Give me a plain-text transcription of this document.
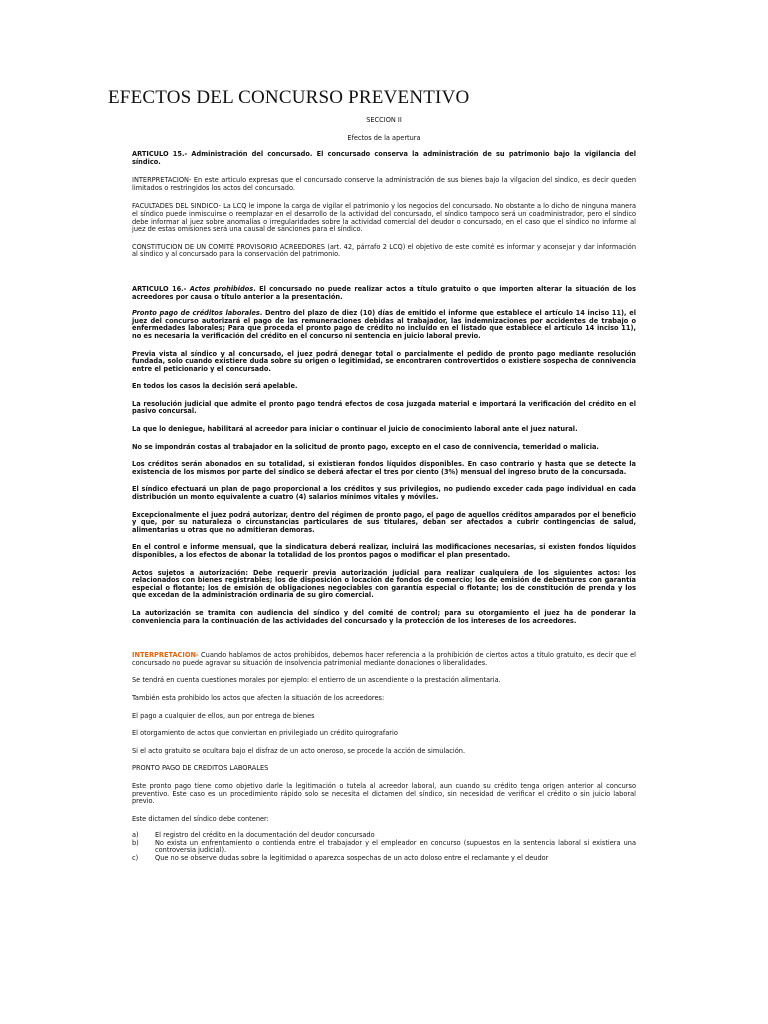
EFECTOS DEL CONCURSO PREVENTIVO

SECCION II

Efectos de la apertura

ARTICULO 15.- Administración del concursado. El concursado conserva la administración de su patrimonio bajo la vigilancia del síndico.

INTERPRETACION- En este articulo expresas que el concursado conserve la administración de sus bienes bajo la vilgacion del sindico, es decir queden limitados o restringidos los actos del concursado.

FACULTADES DEL SINDICO- La LCQ le impone la carga de vigilar el patrimonio y los negocios del concursado. No obstante a lo dicho de ninguna manera el síndico puede inmiscuirse o reemplazar en el desarrollo de la actividad del concursado, el síndico tampoco será un coadministrador, pero el síndico debe informar al juez sobre anomalías o irregularidades sobre la actividad comercial del deudor o concursado, en el caso que el síndico no informe al juez de estas omisiones será una causal de sanciones para el síndico.

CONSTITUCION DE UN COMITÉ PROVISORIO ACREEDORES (art. 42, párrafo 2 LCQ) el objetivo de este comité es informar y aconsejar y dar información al síndico y al concursado para la conservación del patrimonio.

ARTICULO 16.- Actos prohibidos. El concursado no puede realizar actos a título gratuito o que importen alterar la situación de los acreedores por causa o título anterior a la presentación.

Pronto pago de créditos laborales. Dentro del plazo de diez (10) días de emitido el informe que establece el artículo 14 inciso 11), el juez del concurso autorizará el pago de las remuneraciones debidas al trabajador, las indemnizaciones por accidentes de trabajo o enfermedades laborales; Para que proceda el pronto pago de crédito no incluido en el listado que establece el artículo 14 inciso 11), no es necesaria la verificación del crédito en el concurso ni sentencia en juicio laboral previo.

Previa vista al síndico y al concursado, el juez podrá denegar total o parcialmente el pedido de pronto pago mediante resolución fundada, solo cuando existiere duda sobre su origen o legitimidad, se encontraren controvertidos o existiere sospecha de connivencia entre el peticionario y el concursado.

En todos los casos la decisión será apelable.

La resolución judicial que admite el pronto pago tendrá efectos de cosa juzgada material e importará la verificación del crédito en el pasivo concursal.

La que lo deniegue, habilitará al acreedor para iniciar o continuar el juicio de conocimiento laboral ante el juez natural.

No se impondrán costas al trabajador en la solicitud de pronto pago, excepto en el caso de connivencia, temeridad o malicia.

Los créditos serán abonados en su totalidad, si existieran fondos líquidos disponibles. En caso contrario y hasta que se detecte la existencia de los mismos por parte del síndico se deberá afectar el tres por ciento (3%) mensual del ingreso bruto de la concursada.

El síndico efectuará un plan de pago proporcional a los créditos y sus privilegios, no pudiendo exceder cada pago individual en cada distribución un monto equivalente a cuatro (4) salarios mínimos vitales y móviles.

Excepcionalmente el juez podrá autorizar, dentro del régimen de pronto pago, el pago de aquellos créditos amparados por el beneficio y que, por su naturaleza o circunstancias particulares de sus titulares, deban ser afectados a cubrir contingencias de salud, alimentarias u otras que no admitieran demoras.

En el control e informe mensual, que la sindicatura deberá realizar, incluirá las modificaciones necesarias, si existen fondos líquidos disponibles, a los efectos de abonar la totalidad de los prontos pagos o modificar el plan presentado.

Actos sujetos a autorización: Debe requerir previa autorización judicial para realizar cualquiera de los siguientes actos: los relacionados con bienes registrables; los de disposición o locación de fondos de comercio; los de emisión de debentures con garantía especial o flotante; los de emisión de obligaciones negociables con garantía especial o flotante; los de constitución de prenda y los que excedan de la administración ordinaria de su giro comercial.

La autorización se tramita con audiencia del síndico y del comité de control; para su otorgamiento el juez ha de ponderar la conveniencia para la continuación de las actividades del concursado y la protección de los intereses de los acreedores.

INTERPRETACION- Cuando hablamos de actos prohibidos, debemos hacer referencia a la prohibición de ciertos actos a título gratuito, es decir que el concursado no puede agravar su situación de insolvencia patrimonial mediante donaciones o liberalidades.

Se tendrá en cuenta cuestiones morales por ejemplo: el entierro de un ascendiente o la prestación alimentaria.

También esta prohibido los actos que afecten la situación de los acreedores:

El pago a cualquier de ellos, aun por entrega de bienes

El otorgamiento de actos que conviertan en privilegiado un crédito quirografario

Si el acto gratuito se ocultara bajo el disfraz de un acto oneroso, se procede la acción de simulación.

PRONTO PAGO DE CREDITOS LABORALES

Este pronto pago tiene como objetivo darle la legitimación o tutela al acreedor laboral, aun cuando su crédito tenga origen anterior al concurso preventivo. Este caso es un procedimiento rápido solo se necesita el dictamen del síndico, sin necesidad de verificar el crédito o sin juicio laboral previo.

Este dictamen del síndico debe contener:

a)	El registro del crédito en la documentación del deudor concursado
b)	No exista un enfrentamiento o contienda entre el trabajador y el empleador en concurso (supuestos en la sentencia laboral si existiera una controversia judicial).
c)	Que no se observe dudas sobre la legitimidad o aparezca sospechas de un acto doloso entre el reclamante y el deudor
